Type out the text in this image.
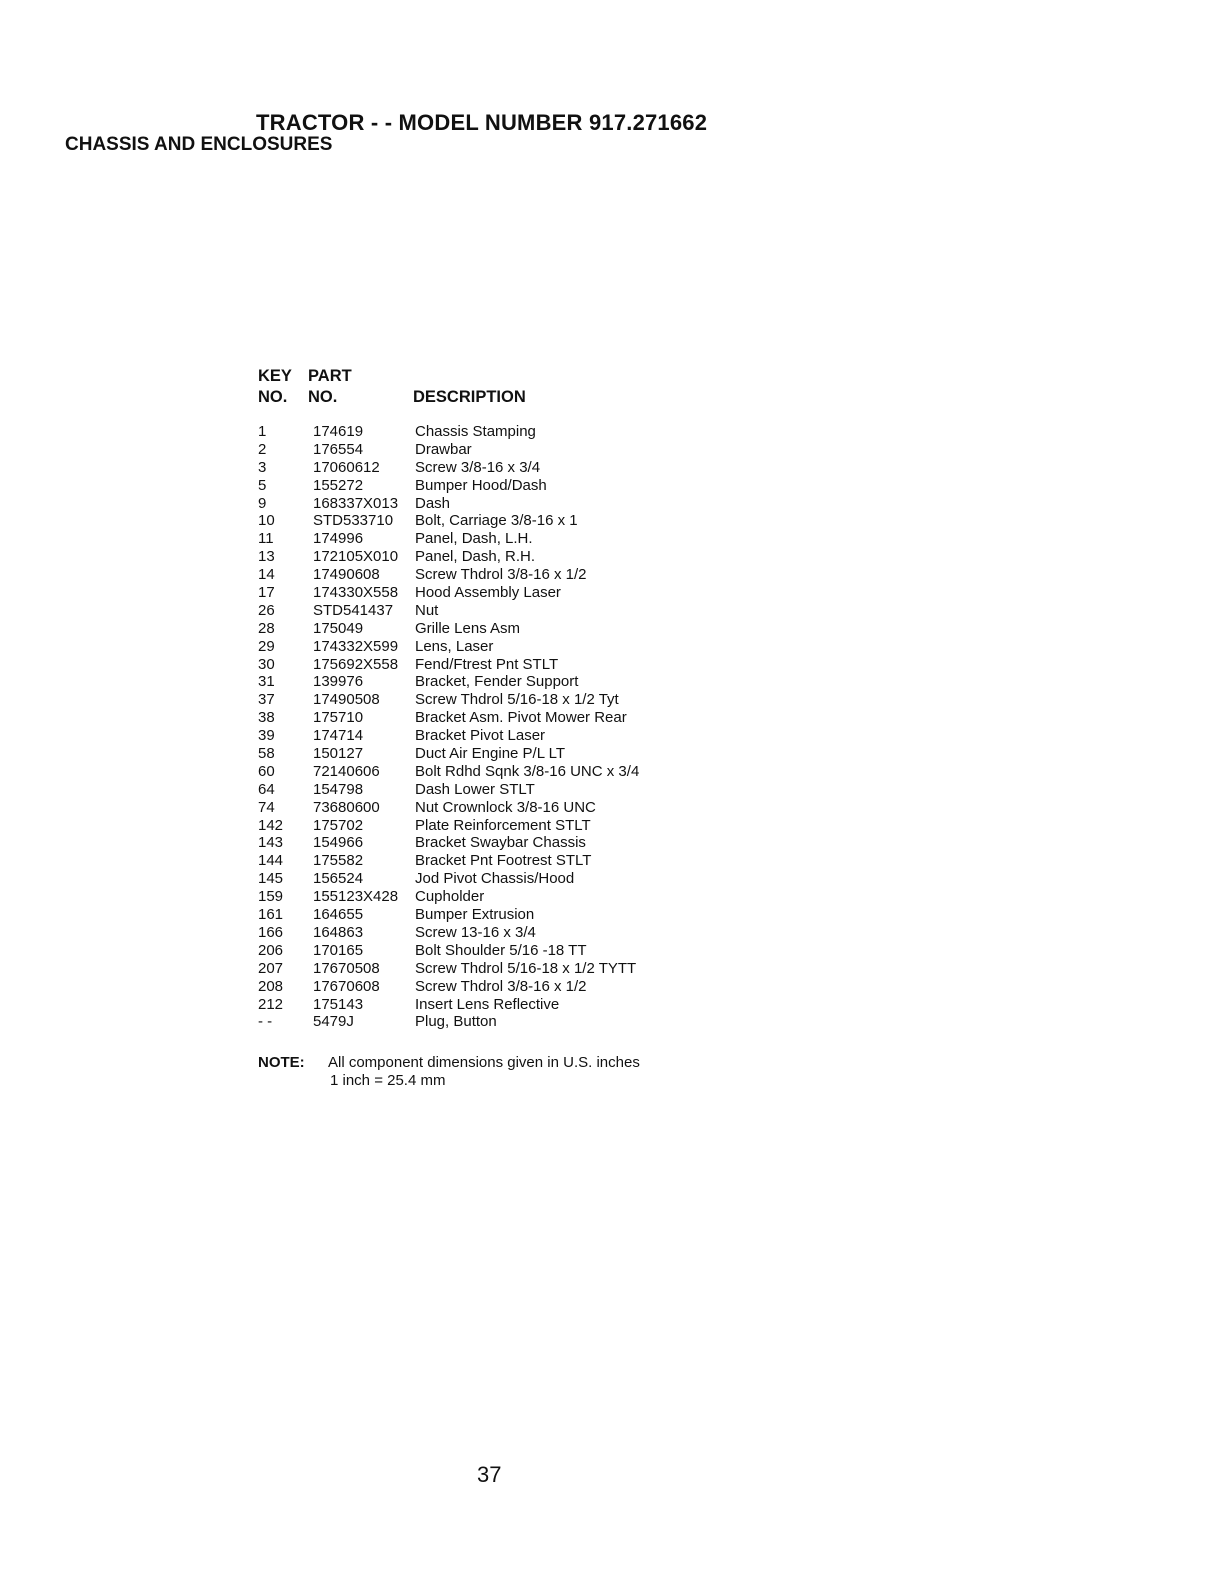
TRACTOR - - MODEL NUMBER 917.271662
CHASSIS AND ENCLOSURES
KEY
NO.
PART
NO.	DESCRIPTION
1	174619	Chassis Stamping
2	176554	Drawbar
3	17060612 Screw 3/8-16 x 3/4
5	155272	Bumper Hood/Dash
9	168337X013 Dash
10	STD533710 Bolt, Carriage 3/8-16 x 1
11	174996	Panel, Dash, L.H.
13	172105X010 Panel, Dash, R.H.
14	17490608 Screw Thdrol 3/8-16 x 1/2
17	174330X558 Hood Assembly Laser
26	STD541437 Nut
28	175049	Grille Lens Asm
29	174332X599 Lens, Laser
30	175692X558 Fend/Ftrest Pnt STLT
31	139976	Bracket, Fender Support
37	17490508 Screw Thdrol 5/16-18 x 1/2 Tyt
38	175710	Bracket Asm. Pivot Mower Rear
39	174714	Bracket Pivot Laser
58	150127	Duct Air Engine P/L LT
60	72140606 Bolt Rdhd Sqnk 3/8-16 UNC x 3/4
64	154798	Dash Lower STLT
74	73680600 Nut Crownlock 3/8-16 UNC
142 175702	Plate Reinforcement STLT
143 154966	Bracket Swaybar Chassis
144 175582	Bracket Pnt Footrest STLT
145 156524	Jod Pivot Chassis/Hood
159 155123X428 Cupholder
161 164655	Bumper Extrusion
166 164863	Screw 13-16 x 3/4
206 170165	Bolt Shoulder 5/16 -18 TT
207 17670508 Screw Thdrol 5/16-18 x 1/2 TYTT
208 17670608 Screw Thdrol 3/8-16 x 1/2
212 175143	Insert Lens Reflective
- -	5479J	Plug, Button
NOTE: All component dimensions given in U.S. inches
1 inch = 25.4 mm
37
